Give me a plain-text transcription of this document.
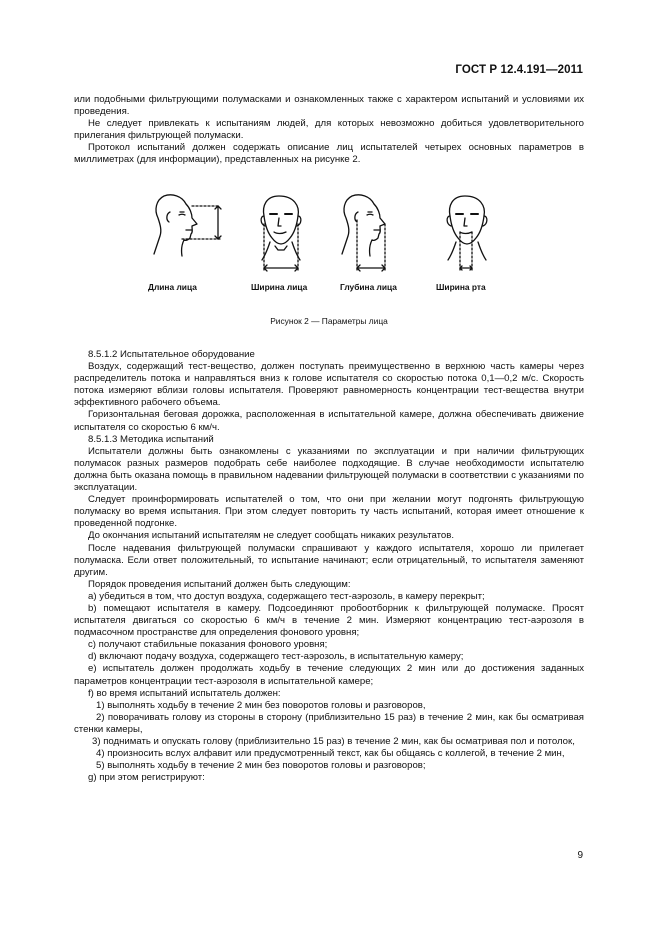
ГОСТ Р 12.4.191—2011

или подобными фильтрующими полумасками и ознакомленных также с характером испытаний и условиями их проведения.

Не следует привлекать к испытаниям людей, для которых невозможно добиться удовлетворительного прилегания фильтрующей полумаски.

Протокол испытаний должен содержать описание лиц испытателей четырех основных параметров в миллиметрах (для информации), представленных на рисунке 2.

Длина лица	Ширина лица	Глубина лица	Ширина рта
Рисунок 2 — Параметры лица

8.5.1.2 Испытательное оборудование

Воздух, содержащий тест-вещество, должен поступать преимущественно в верхнюю часть камеры через распределитель потока и направляться вниз к голове испытателя со скоростью потока 0,1—0,2 м/с. Скорость потока измеряют вблизи головы испытателя. Проверяют равномерность концентрации тест-вещества внутри эффективного рабочего объема.

Горизонтальная беговая дорожка, расположенная в испытательной камере, должна обеспечивать движение испытателя со скоростью 6 км/ч.

8.5.1.3 Методика испытаний

Испытатели должны быть ознакомлены с указаниями по эксплуатации и при наличии фильтрующих полумасок разных размеров подобрать себе наиболее подходящие. В случае необходимости испытателю должна быть оказана помощь в правильном надевании фильтрующей полумаски в соответствии с указаниями по эксплуатации.

Следует проинформировать испытателей о том, что они при желании могут подгонять фильтрующую полумаску во время испытания. При этом следует повторить ту часть испытаний, которая имеет отношение к проведенной подгонке.

До окончания испытаний испытателям не следует сообщать никаких результатов.

После надевания фильтрующей полумаски спрашивают у каждого испытателя, хорошо ли прилегает полумаска. Если ответ положительный, то испытание начинают; если отрицательный, то испытателя заменяют другим.

Порядок проведения испытаний должен быть следующим:

a) убедиться в том, что доступ воздуха, содержащего тест-аэрозоль, в камеру перекрыт;

b) помещают испытателя в камеру. Подсоединяют пробоотборник к фильтрующей полумаске. Просят испытателя двигаться со скоростью 6 км/ч в течение 2 мин. Измеряют концентрацию тест-аэрозоля в подмасочном пространстве для определения фонового уровня;

c) получают стабильные показания фонового уровня;

d) включают подачу воздуха, содержащего тест-аэрозоль, в испытательную камеру;

e) испытатель должен продолжать ходьбу в течение следующих 2 мин или до достижения заданных параметров концентрации тест-аэрозоля в испытательной камере;

f) во время испытаний испытатель должен:

1) выполнять ходьбу в течение 2 мин без поворотов головы и разговоров,

2) поворачивать голову из стороны в сторону (приблизительно 15 раз) в течение 2 мин, как бы осматривая стенки камеры,

3) поднимать и опускать голову (приблизительно 15 раз) в течение 2 мин, как бы осматривая пол и потолок,

4) произносить вслух алфавит или предусмотренный текст, как бы общаясь с коллегой, в течение 2 мин,

5) выполнять ходьбу в течение 2 мин без поворотов головы и разговоров;

g) при этом регистрируют:

9
